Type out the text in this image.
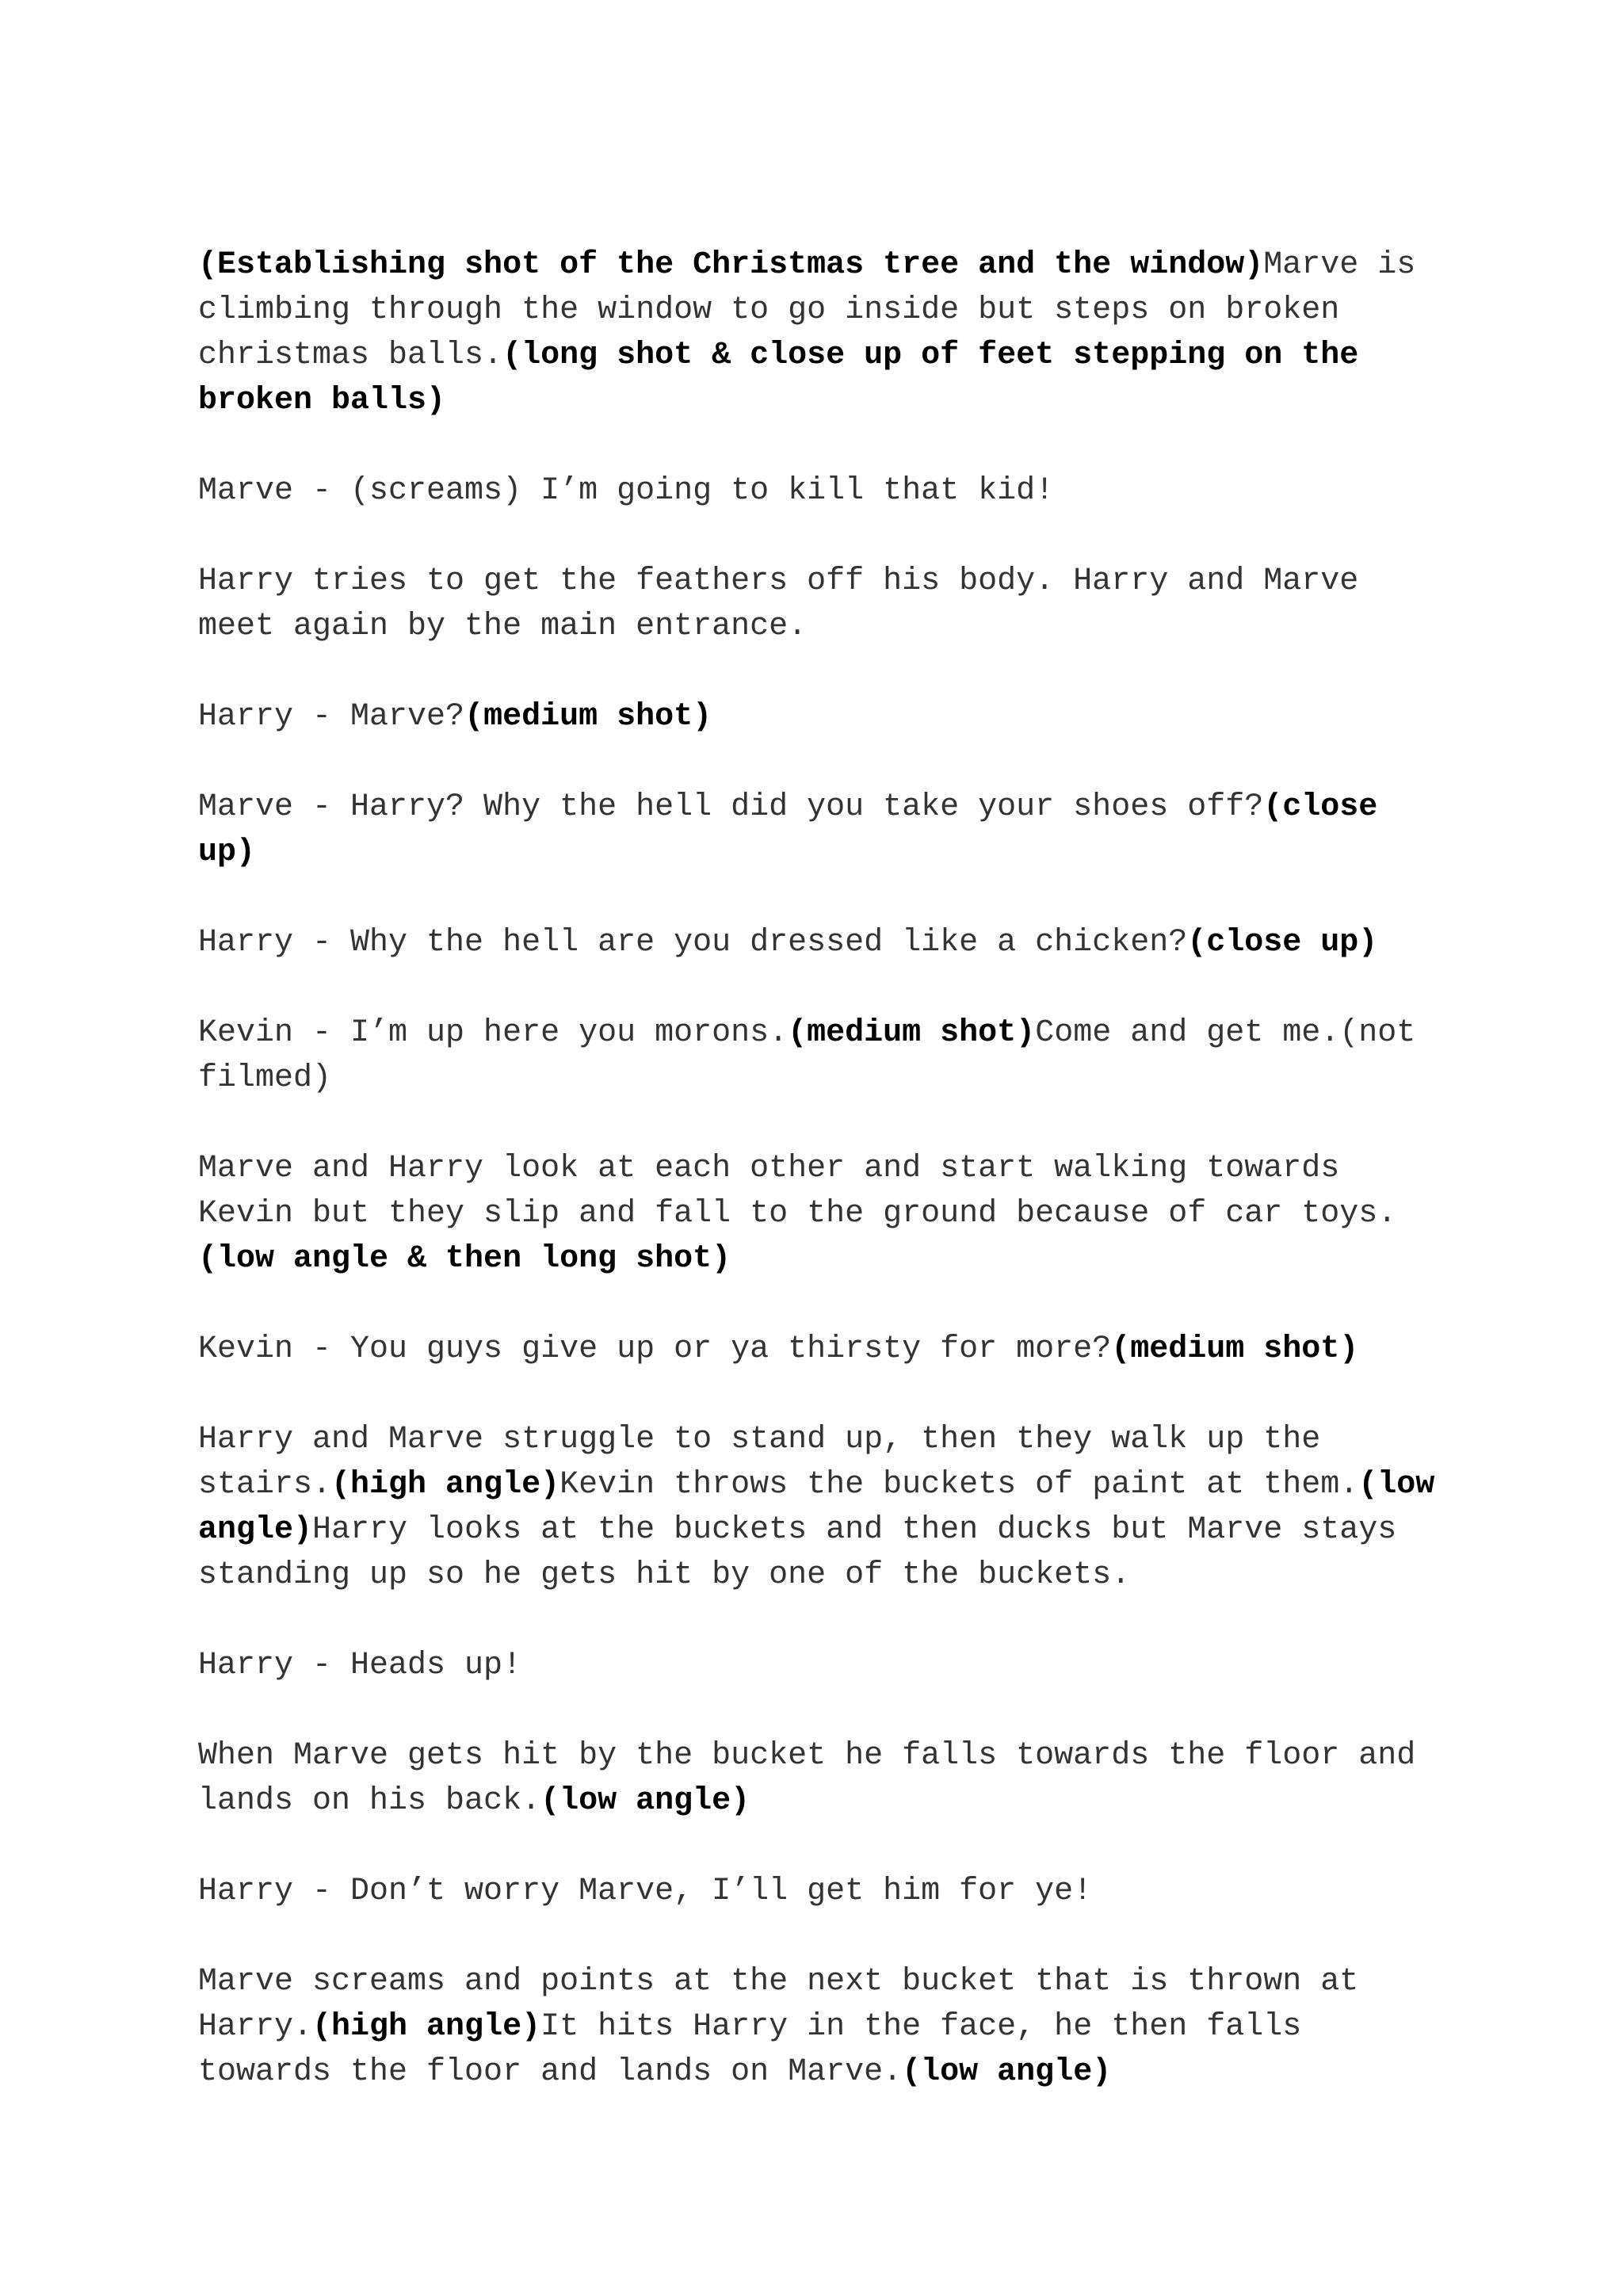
(Establishing shot of the Christmas tree and the window)Marve is climbing through the window to go inside but steps on broken christmas balls.(long shot & close up of feet stepping on the broken balls)

Marve - (screams) I’m going to kill that kid!

Harry tries to get the feathers off his body. Harry and Marve meet again by the main entrance.

Harry - Marve?(medium shot)

Marve - Harry? Why the hell did you take your shoes off?(close up)

Harry - Why the hell are you dressed like a chicken?(close up)

Kevin - I’m up here you morons.(medium shot)Come and get me.(not filmed)

Marve and Harry look at each other and start walking towards Kevin but they slip and fall to the ground because of car toys. (low angle & then long shot)

Kevin - You guys give up or ya thirsty for more?(medium shot)

Harry and Marve struggle to stand up, then they walk up the stairs.(high angle)Kevin throws the buckets of paint at them.(low angle)Harry looks at the buckets and then ducks but Marve stays standing up so he gets hit by one of the buckets.

Harry - Heads up!

When Marve gets hit by the bucket he falls towards the floor and lands on his back.(low angle)

Harry - Don’t worry Marve, I’ll get him for ye!

Marve screams and points at the next bucket that is thrown at Harry.(high angle)It hits Harry in the face, he then falls towards the floor and lands on Marve.(low angle)
